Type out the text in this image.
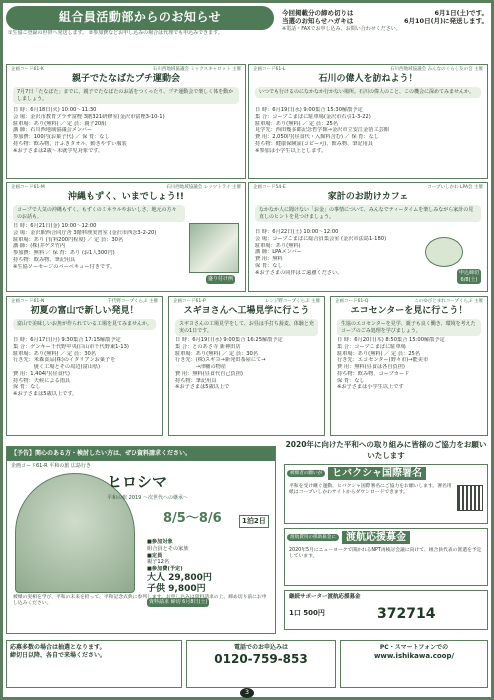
組合員活動部からのお知らせ
①生協ご登録の世帯へ発送します。 ②参加費などお申し込みの場合は代理でも申込みできます。
今回掲載分の締め切りは	6月1日(土)です。
当選のお知らせハガキは	6月10日(月)に発送します。
※電話・FAXでお申し込み、お問い合わせください。
企画コード61-K	石川西地域協議会 ミックスキャロット 主催
親子でたなばたプチ運動会
7月7日「たなばた」までに、親子でたなばたのお話をつくったり、プチ運動会で楽しく体を動かしましょう。
日 時：6月18日(火) 10:00～11:30
会 場：金沢市教育プラザ富樫 3階321研修室(金沢市富樫3-10-1)
駐車場：あり(無料) ／ 定 員：親子20組
講 師：石川西地域協議会メンバー
参加費：100円(お菓子代) ／ 保 育：なし
持ち物：飲み物、汗ふきタオル、動きやすい服装
※お子さまは2歳～未就学児対象です。
企画コード61-L	石川西地域協議会 みんなのくらし友の会 主催
石川の偉人を訪ねよう！
いつでも行けるのになかなか行かない場所。石川の偉人のこと、この機会に深めてみませんか。
日 時：6月19日(水) 9:00集合 15:30解散予定
集 合：コープこまばに駐車場(金沢市石引1-3-22)
駐車場：あり(無料) ／ 定 員：25名
見学先：西田幾多郎記念哲学館→金沢市立安江金箔工芸館
費 用：2,050円(昼食代・入館料含む) ／ 保 育：なし
持ち物：健康保険証(コピー可)、飲み物、筆記用具
※参加は小学生以上とします。
企画コード61-M	石川西地域協議会 レッツトライ 主催
沖縄もずく、いまでしょう!!
コープで人気の沖縄もずく。もずくのミネラルやおいしさ、地元の方々のお話も。
日 時：6月21日(金) 10:00～12:00
会 場：金沢駅西合同庁舎 3階料理実習室 (金沢市西念3-2-20)
駐車場：あり (有料200円程度) ／ 定 員：30名
講 師：(株)井ゲタ竹内
参加費：無料 ／ 保 育：あり (お1人300円)
持ち物：飲み物、筆記用具
※生協ソーセージのバーベキュー付きです。
盛り付け例
企画コード54-E	コープいしかわ LPA会 主催
家計のお助けカフェ
なかなか人に聞けない「お金」の事情について、みんなでティータイムを楽しみながら家計の見直しのヒントを見つけましょう。
日 時：6月22日(土) 10:00～12:00
会 場：コープこまばに総合員集会室 (金沢市法島1-180)
駐車場：あり(無料)
講 師：LPAメンバー
費 用：無料
保 育：なし
※お子さまの同伴はご遠慮ください。	申込締切 6/8(土)
企画コード61-N	千代野コープくらぶ 主催
初夏の富山で新しい発見！
富山で美味しいお魚が作られている工場を見てみませんか。
日 時：6月17日(月) 9:30集合 17:15解散予定
集 合：ゲンキー千代野中央(白山市千代野東1-13)
駐車場：あり(無料) ／ 定 員：30名
行き先：米森食品(株)のイタリアンお菓子を
　　　　焼く工場とその周辺(富山県)
費 用：1,404円(昼食代)
持ち物：天候による雨具
保 育：なし
※お子さまは5歳以上です。
企画コード61-P	レンジ野コープくらぶ 主催
スギヨさんへ工場見学に行こう
スギヨさんの工場見学をして、お昼は手打ち蕎麦、体験と充実の1日です。
日 時：6月19日(水) 9:00集合 16:25解散予定
集 合：とのあさ寺 新神田店
駐車場：あり(無料) ／ 定 員：30名
行き先：(株)スギヨ→新発田茶屋にて→
　　　　→津幡の物産
費 用：無料(昼食代自己負担)
持ち物：筆記用具
※お子さまは5歳以上で
企画コード61-Q	このゆびとまれコープくらぶ 主催
エコセンターを見に行こう！
生協のエコセンターを見学、親子も良く働き、環境を考えたコープのごみ処理を学びましょう。
日 時：6月20日(木) 8:50集合 15:00解散予定
集 合：コープこまばに駐車場
駐車場：あり(無料) ／ 定 員：25名
行き先：エコセンター(野々市)→能美市
費 用：無料(昼食は各自負担)
持ち物：飲み物、コープカード
保 育：なし
※お子さまは小学生以上です
【予告】関心のある方・検討したい方は、ぜひ資料請求ください。
企画コード61-R 平和の旅 広島行き
ヒロシマ
平和の旅 2019 ～次世代への継承～
8/5～8/6	1泊2日
■参加対象
組合員とその家族
■定員
親子12名
■参加費(予定)
大人 29,800円
子供 9,800円
資料請求 締切 6月8日(土)
被爆の実相を学び、平和の未来を担って、平和記念式典に参列します。お申し込みは資料請求の上、締め切り前にお申し込みください。
2020年に向けた平和への取り組みに皆様のご協力をお願いいたします
被爆者の願いが	ヒバクシャ国際署名
平和を受け継ぐ運動、ヒバクシャ国際署名にご協力をお願いします。署名用紙はコープいしかわサイトからダウンロードできます。
渡航費用の援助募金に	渡航応援募金
2020年5月にニューヨークで開かれるNPT再検討会議に向けて、組合員代表の派遣を予定しています。
継続サポーター渡航応援募金
1口 500円	372714
応募多数の場合は抽選となります。
締切日以降、各自で来場ください。
電話でのお申込みは
0120-759-853
PC・スマートフォンでの
www.ishikawa.coop/
3
